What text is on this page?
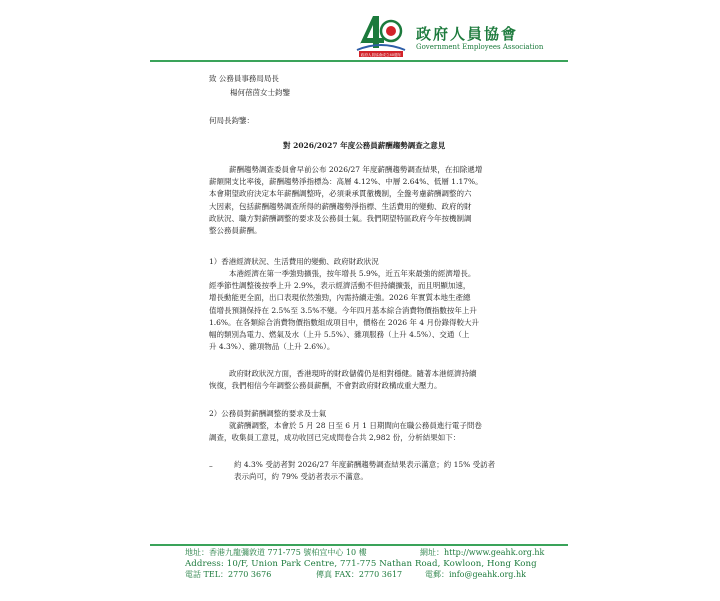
政府人員協會成立40週年
政府人員協會
Government Employees Association
致 公務員事務局局長
楊何蓓茵女士鈞鑒
何局長鈞鑒：
對 2026/2027 年度公務員薪酬趨勢調查之意見
薪酬趨勢調查委員會早前公布 2026/27 年度薪酬趨勢調查結果，在扣除遞增
薪額開支比率後，薪酬趨勢淨指標為：高層 4.12%、中層 2.64%、低層 1.17%。
本會期望政府決定本年薪酬調整時，必須秉承貫徹機制，全盤考慮薪酬調整的六
大因素，包括薪酬趨勢調查所得的薪酬趨勢淨指標、生活費用的變動、政府的財
政狀況、職方對薪酬調整的要求及公務員士氣。我們期望特區政府今年按機制調
整公務員薪酬。
1）香港經濟狀況、生活費用的變動、政府財政狀況
本港經濟在第一季強勁擴張，按年增長 5.9%，近五年來最強的經濟增長。
經季節性調整後按季上升 2.9%，表示經濟活動不但持續擴張，而且明顯加速，
增長動能更全面，出口表現依然強勁，內需持續走強。2026 年實質本地生產總
值增長預測保持在 2.5%至 3.5%不變。今年四月基本綜合消費物價指數按年上升
1.6%。在各類綜合消費物價指數組成項目中，價格在 2026 年 4 月份錄得較大升
幅的類別為電力、燃氣及水（上升 5.5%）、雜項服務（上升 4.5%）、交通（上
升 4.3%）、雜項物品（上升 2.6%）。
政府財政狀況方面，香港現時的財政儲備仍是相對穩健。隨著本港經濟持續
恢復，我們相信今年調整公務員薪酬，不會對政府財政構成重大壓力。
2）公務員對薪酬調整的要求及士氣
就薪酬調整，本會於 5 月 28 日至 6 月 1 日期間向在職公務員進行電子問卷
調查，收集員工意見，成功收回已完成問卷合共 2,982 份，分析結果如下：
–	約 4.3% 受訪者對 2026/27 年度薪酬趨勢調查結果表示滿意；約 15% 受訪者
表示尚可，約 79% 受訪者表示不滿意。
地址：香港九龍彌敦道 771-775 號柏宜中心 10 樓	網址：http://www.geahk.org.hk
Address: 10/F, Union Park Centre, 771-775 Nathan Road, Kowloon, Hong Kong
電話 TEL：2770 3676	傳真 FAX：2770 3617	電郵：info@geahk.org.hk
